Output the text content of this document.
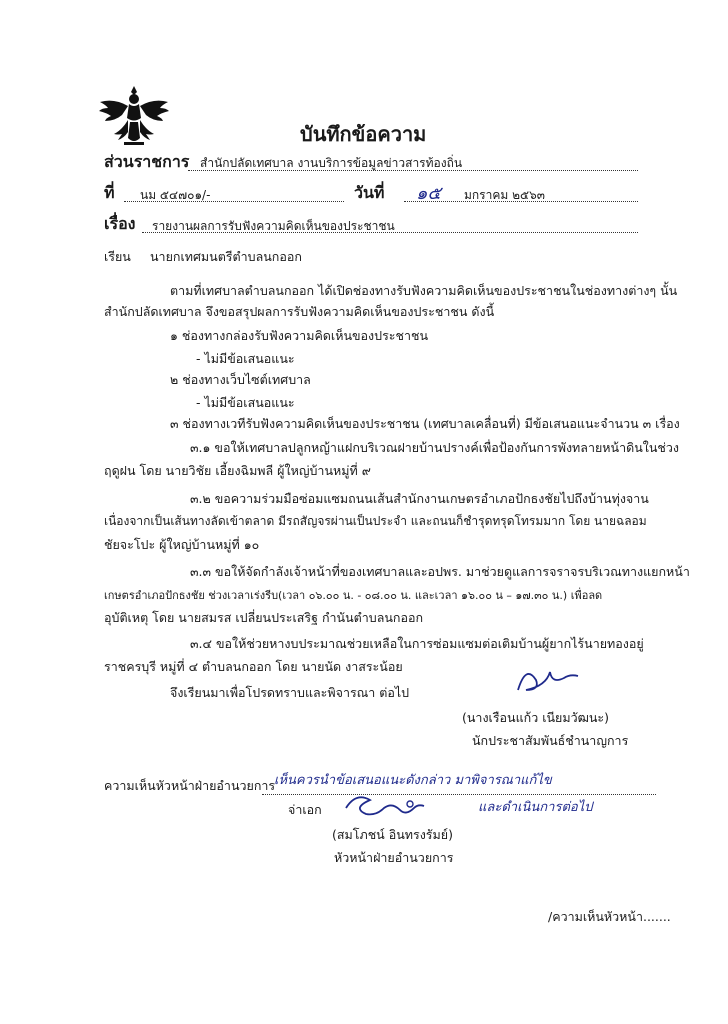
บันทึกข้อความ
ส่วนราชการ สำนักปลัดเทศบาล งานบริการข้อมูลข่าวสารท้องถิ่น
ที่ นม ๕๔๗๐๑/-	วันที่ ๑๕ มกราคม ๒๕๖๓
เรื่อง รายงานผลการรับฟังความคิดเห็นของประชาชน
เรียน นายกเทศมนตรีตำบลนกออก
ตามที่เทศบาลตำบลนกออก ได้เปิดช่องทางรับฟังความคิดเห็นของประชาชนในช่องทางต่างๆ นั้น
สำนักปลัดเทศบาล จึงขอสรุปผลการรับฟังความคิดเห็นของประชาชน ดังนี้
๑ ช่องทางกล่องรับฟังความคิดเห็นของประชาชน
- ไม่มีข้อเสนอแนะ
๒ ช่องทางเว็บไซต์เทศบาล
- ไม่มีข้อเสนอแนะ
๓ ช่องทางเวทีรับฟังความคิดเห็นของประชาชน (เทศบาลเคลื่อนที่) มีข้อเสนอแนะจำนวน ๓ เรื่อง
๓.๑ ขอให้เทศบาลปลูกหญ้าแฝกบริเวณฝายบ้านปรางค์เพื่อป้องกันการพังทลายหน้าดินในช่วง
ฤดูฝน โดย นายวิชัย เอี้ยงฉิมพลี ผู้ใหญ่บ้านหมู่ที่ ๙
๓.๒ ขอความร่วมมือซ่อมแซมถนนเส้นสำนักงานเกษตรอำเภอปักธงชัยไปถึงบ้านทุ่งจาน
เนื่องจากเป็นเส้นทางลัดเข้าตลาด มีรถสัญจรผ่านเป็นประจำ และถนนก็ชำรุดทรุดโทรมมาก โดย นายฉลอม
ชัยจะโปะ ผู้ใหญ่บ้านหมู่ที่ ๑๐
๓.๓ ขอให้จัดกำลังเจ้าหน้าที่ของเทศบาลและอปพร. มาช่วยดูแลการจราจรบริเวณทางแยกหน้า
เกษตรอำเภอปักธงชัย ช่วงเวลาเร่งรีบ(เวลา ๐๖.๐๐ น. - ๐๘.๐๐ น. และเวลา ๑๖.๐๐ น – ๑๗.๓๐ น.) เพื่อลด
อุบัติเหตุ โดย นายสมรส เปลี่ยนประเสริฐ กำนันตำบลนกออก
๓.๔ ขอให้ช่วยหางบประมาณช่วยเหลือในการซ่อมแซมต่อเติมบ้านผู้ยากไร้นายทองอยู่
ราชครบุรี หมู่ที่ ๔ ตำบลนกออก โดย นายนัด งาสระน้อย
จึงเรียนมาเพื่อโปรดทราบและพิจารณา ต่อไป
(นางเรือนแก้ว เนียมวัฒนะ)
นักประชาสัมพันธ์ชำนาญการ
ความเห็นหัวหน้าฝ่ายอำนวยการ
เห็นควรนำข้อเสนอแนะดังกล่าว มาพิจารณาแก้ไข
จ่าเอก	และดำเนินการต่อไป
(สมโภชน์ อินทรงรัมย์)
หัวหน้าฝ่ายอำนวยการ
/ความเห็นหัวหน้า.......
